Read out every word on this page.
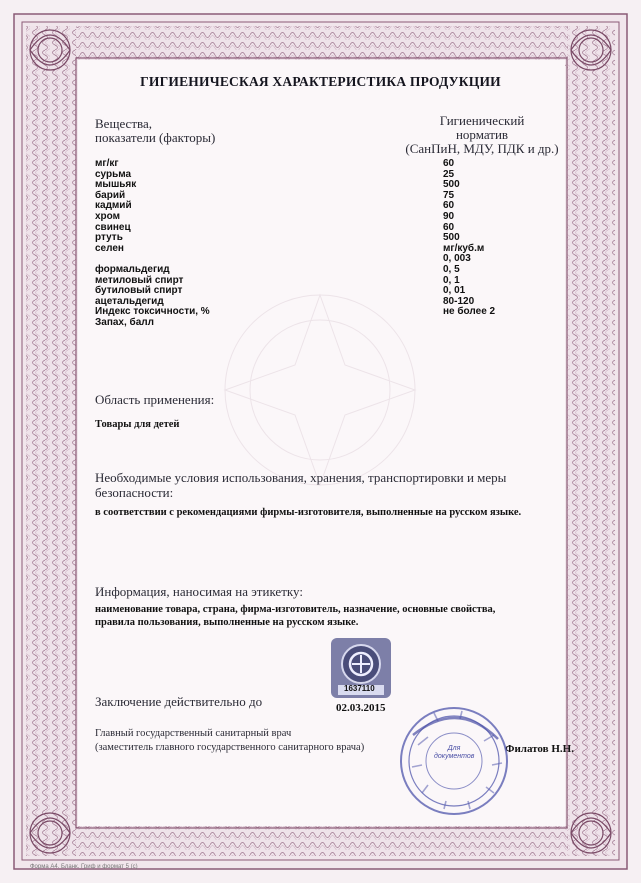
ГИГИЕНИЧЕСКАЯ ХАРАКТЕРИСТИКА ПРОДУКЦИИ
Вещества,
показатели (факторы)
Гигиенический
норматив
(СанПиН, МДУ, ПДК и др.)
мг/кг
сурьма
мышьяк
барий
кадмий
хром
свинец
ртуть
селен
формальдегид
метиловый спирт
бутиловый спирт
ацетальдегид
Индекс токсичности, %
Запах, балл
60
25
500
75
60
90
60
500
мг/куб.м
0, 003
0, 5
0, 1
0, 01
80-120
не более 2
Область применения:
Товары для детей
Необходимые условия использования, хранения, транспортировки и меры
безопасности:
в соответствии с рекомендациями фирмы-изготовителя, выполненные на русском языке.
Информация, наносимая на этикетку:
наименование товара, страна, фирма-изготовитель, назначение, основные свойства,
правила пользования, выполненные на русском языке.
1637110
Заключение действительно до	02.03.2015
Главный государственный санитарный врач
(заместитель главного государственного санитарного врача)	Филатов Н.Н.
Для документов
Форма А4. Бланк. Гриф и формат 5 (с)
